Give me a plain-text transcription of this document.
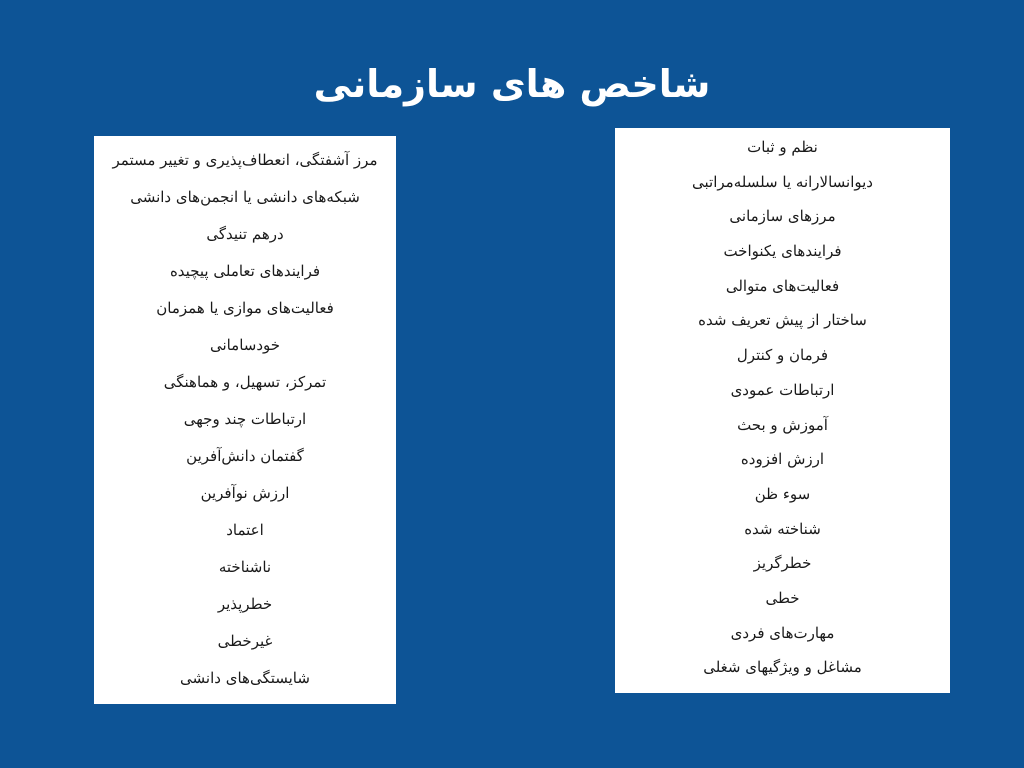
شاخص های سازمانی
مرز آشفتگی، انعطاف‌پذیری و تغییر مستمر
شبکه‌های دانشی یا انجمن‌های دانشی
درهم تنیدگی
فرایندهای تعاملی پیچیده
فعالیت‌های موازی یا همزمان
خودسامانی
تمرکز، تسهیل، و هماهنگی
ارتباطات چند وجهی
گفتمان دانش‌آفرین
ارزش نوآفرین
اعتماد
ناشناخته
خطرپذیر
غیرخطی
شایستگی‌های دانشی
نظم و ثبات
دیوانسالارانه یا سلسله‌مراتبی
مرزهای سازمانی
فرایندهای یکنواخت
فعالیت‌های متوالی
ساختار از پیش تعریف شده
فرمان و کنترل
ارتباطات عمودی
آموزش و بحث
ارزش افزوده
سوء ظن
شناخته شده
خطرگریز
خطی
مهارت‌های فردی
مشاغل و ویژگیهای شغلی
